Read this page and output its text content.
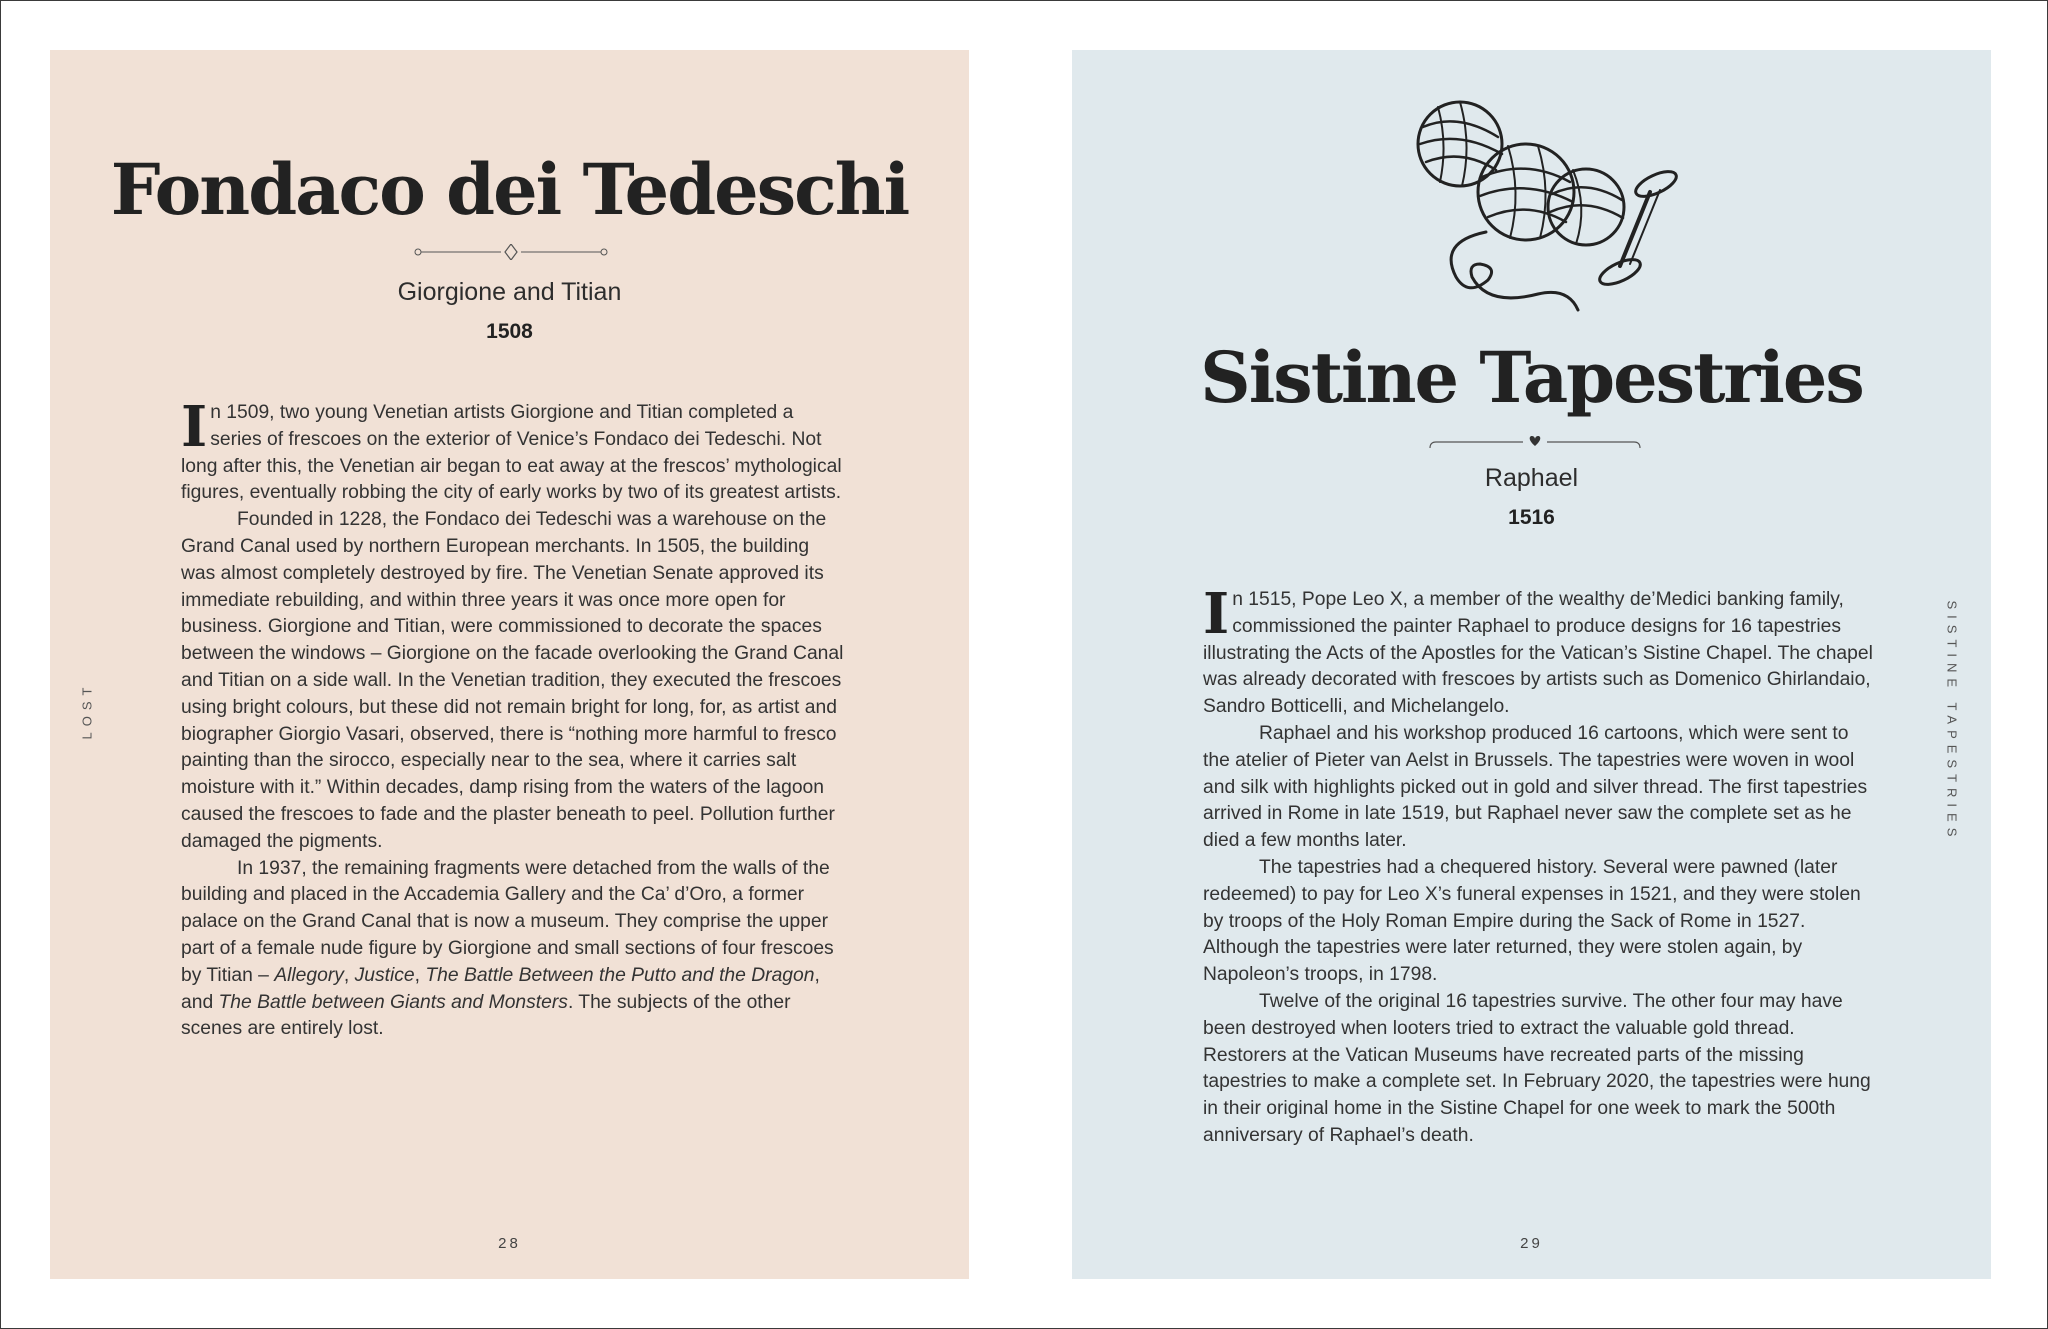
Fondaco dei Tedeschi
Giorgione and Titian
1508

In 1509, two young Venetian artists Giorgione and Titian completed a series of frescoes on the exterior of Venice’s Fondaco dei Tedeschi. Not long after this, the Venetian air began to eat away at the frescos’ mythological figures, eventually robbing the city of early works by two of its greatest artists.

Founded in 1228, the Fondaco dei Tedeschi was a warehouse on the Grand Canal used by northern European merchants. In 1505, the building was almost completely destroyed by fire. The Venetian Senate approved its immediate rebuilding, and within three years it was once more open for business. Giorgione and Titian, were commissioned to decorate the spaces between the windows – Giorgione on the facade overlooking the Grand Canal and Titian on a side wall. In the Venetian tradition, they executed the frescoes using bright colours, but these did not remain bright for long, for, as artist and biographer Giorgio Vasari, observed, there is “nothing more harmful to fresco painting than the sirocco, especially near to the sea, where it carries salt moisture with it.” Within decades, damp rising from the waters of the lagoon caused the frescoes to fade and the plaster beneath to peel. Pollution further damaged the pigments.

In 1937, the remaining fragments were detached from the walls of the building and placed in the Accademia Gallery and the Ca’ d’Oro, a former palace on the Grand Canal that is now a museum. They comprise the upper part of a female nude figure by Giorgione and small sections of four frescoes by Titian – Allegory, Justice, The Battle Between the Putto and the Dragon, and The Battle between Giants and Monsters. The subjects of the other scenes are entirely lost.

LOST
28
Sistine Tapestries
Raphael
1516

In 1515, Pope Leo X, a member of the wealthy de’Medici banking family, commissioned the painter Raphael to produce designs for 16 tapestries illustrating the Acts of the Apostles for the Vatican’s Sistine Chapel. The chapel was already decorated with frescoes by artists such as Domenico Ghirlandaio, Sandro Botticelli, and Michelangelo.

Raphael and his workshop produced 16 cartoons, which were sent to the atelier of Pieter van Aelst in Brussels. The tapestries were woven in wool and silk with highlights picked out in gold and silver thread. The first tapestries arrived in Rome in late 1519, but Raphael never saw the complete set as he died a few months later.

The tapestries had a chequered history. Several were pawned (later redeemed) to pay for Leo X’s funeral expenses in 1521, and they were stolen by troops of the Holy Roman Empire during the Sack of Rome in 1527. Although the tapestries were later returned, they were stolen again, by Napoleon’s troops, in 1798.

Twelve of the original 16 tapestries survive. The other four may have been destroyed when looters tried to extract the valuable gold thread. Restorers at the Vatican Museums have recreated parts of the missing tapestries to make a complete set. In February 2020, the tapestries were hung in their original home in the Sistine Chapel for one week to mark the 500th anniversary of Raphael’s death.

SISTINE TAPESTRIES
29
